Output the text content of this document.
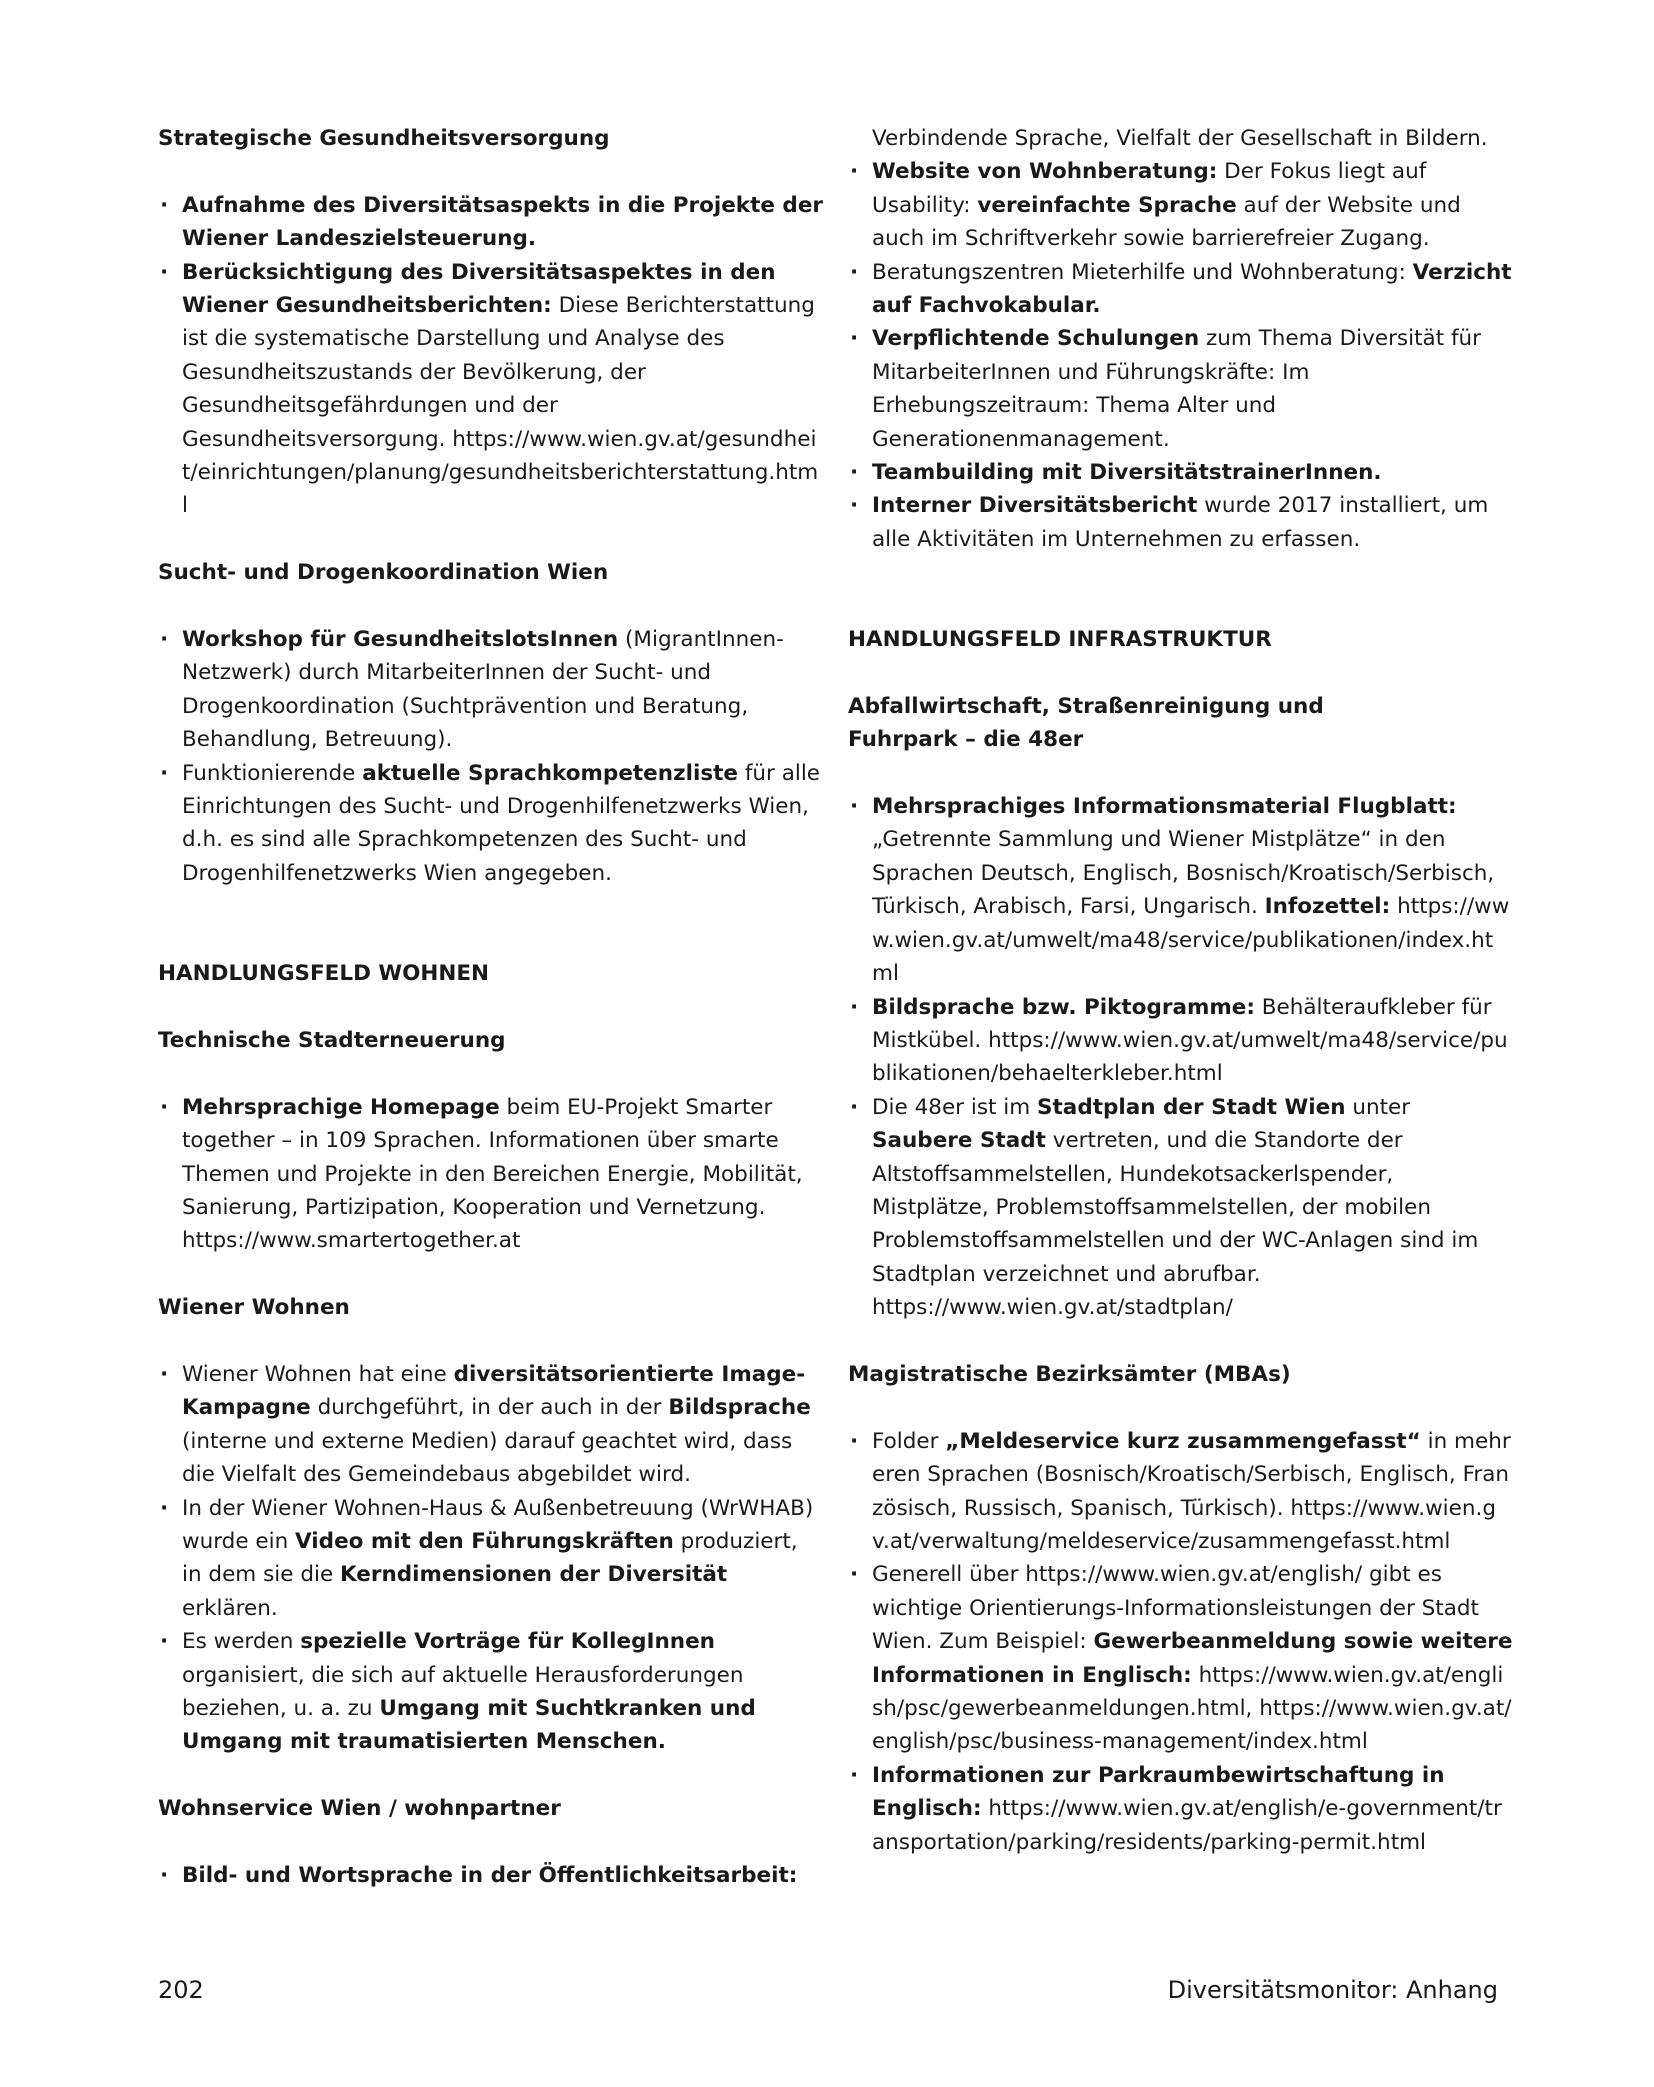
Strategische Gesundheitsversorgung

· Aufnahme des Diversitätsaspekts in die Projekte der Wiener Landeszielsteuerung.
· Berücksichtigung des Diversitätsaspektes in den Wiener Gesundheitsberichten: Diese Berichterstattung ist die systematische Darstellung und Analyse des Gesundheitszustands der Bevölkerung, der Gesundheitsgefährdungen und der Gesundheitsversorgung. https://www.wien.gv.at/gesundheit/einrichtungen/planung/gesundheitsberichterstattung.html

Sucht- und Drogenkoordination Wien

· Workshop für GesundheitslotsInnen (MigrantInnen-Netzwerk) durch MitarbeiterInnen der Sucht- und Drogenkoordination (Suchtprävention und Beratung, Behandlung, Betreuung).
· Funktionierende aktuelle Sprachkompetenzliste für alle Einrichtungen des Sucht- und Drogenhilfenetzwerks Wien, d.h. es sind alle Sprachkompetenzen des Sucht- und Drogenhilfenetzwerks Wien angegeben.

HANDLUNGSFELD WOHNEN

Technische Stadterneuerung

· Mehrsprachige Homepage beim EU-Projekt Smarter together – in 109 Sprachen. Informationen über smarte Themen und Projekte in den Bereichen Energie, Mobilität, Sanierung, Partizipation, Kooperation und Vernetzung. https://www.smartertogether.at

Wiener Wohnen

· Wiener Wohnen hat eine diversitätsorientierte Image-Kampagne durchgeführt, in der auch in der Bildsprache (interne und externe Medien) darauf geachtet wird, dass die Vielfalt des Gemeindebaus abgebildet wird.
· In der Wiener Wohnen-Haus & Außenbetreuung (WrWHAB) wurde ein Video mit den Führungskräften produziert, in dem sie die Kerndimensionen der Diversität erklären.
· Es werden spezielle Vorträge für KollegInnen organisiert, die sich auf aktuelle Herausforderungen beziehen, u. a. zu Umgang mit Suchtkranken und Umgang mit traumatisierten Menschen.

Wohnservice Wien / wohnpartner

· Bild- und Wortsprache in der Öffentlichkeitsarbeit:

Verbindende Sprache, Vielfalt der Gesellschaft in Bildern.

· Website von Wohnberatung: Der Fokus liegt auf Usability: vereinfachte Sprache auf der Website und auch im Schriftverkehr sowie barrierefreier Zugang.
· Beratungszentren Mieterhilfe und Wohnberatung: Verzicht auf Fachvokabular.
· Verpflichtende Schulungen zum Thema Diversität für MitarbeiterInnen und Führungskräfte: Im Erhebungszeitraum: Thema Alter und Generationenmanagement.
· Teambuilding mit DiversitätstrainerInnen.
· Interner Diversitätsbericht wurde 2017 installiert, um alle Aktivitäten im Unternehmen zu erfassen.

HANDLUNGSFELD INFRASTRUKTUR

Abfallwirtschaft, Straßenreinigung und Fuhrpark – die 48er

· Mehrsprachiges Informationsmaterial Flugblatt: „Getrennte Sammlung und Wiener Mistplätze“ in den Sprachen Deutsch, Englisch, Bosnisch/Kroatisch/Serbisch, Türkisch, Arabisch, Farsi, Ungarisch. Infozettel: https://www.wien.gv.at/umwelt/ma48/service/publikationen/index.html
· Bildsprache bzw. Piktogramme: Behälteraufkleber für Mistkübel. https://www.wien.gv.at/umwelt/ma48/service/publikationen/behaelterkleber.html
· Die 48er ist im Stadtplan der Stadt Wien unter Saubere Stadt vertreten, und die Standorte der Altstoffsammelstellen, Hundekotsackerlspender, Mistplätze, Problemstoffsammelstellen, der mobilen Problemstoffsammelstellen und der WC-Anlagen sind im Stadtplan verzeichnet und abrufbar. https://www.wien.gv.at/stadtplan/

Magistratische Bezirksämter (MBAs)

· Folder „Meldeservice kurz zusammengefasst“ in mehreren Sprachen (Bosnisch/Kroatisch/Serbisch, Englisch, Französisch, Russisch, Spanisch, Türkisch). https://www.wien.gv.at/verwaltung/meldeservice/zusammengefasst.html
· Generell über https://www.wien.gv.at/english/ gibt es wichtige Orientierungs-Informationsleistungen der Stadt Wien. Zum Beispiel: Gewerbeanmeldung sowie weitere Informationen in Englisch: https://www.wien.gv.at/english/psc/gewerbeanmeldungen.html, https://www.wien.gv.at/english/psc/business-management/index.html
· Informationen zur Parkraumbewirtschaftung in Englisch: https://www.wien.gv.at/english/e-government/transportation/parking/residents/parking-permit.html
202	Diversitätsmonitor: Anhang
